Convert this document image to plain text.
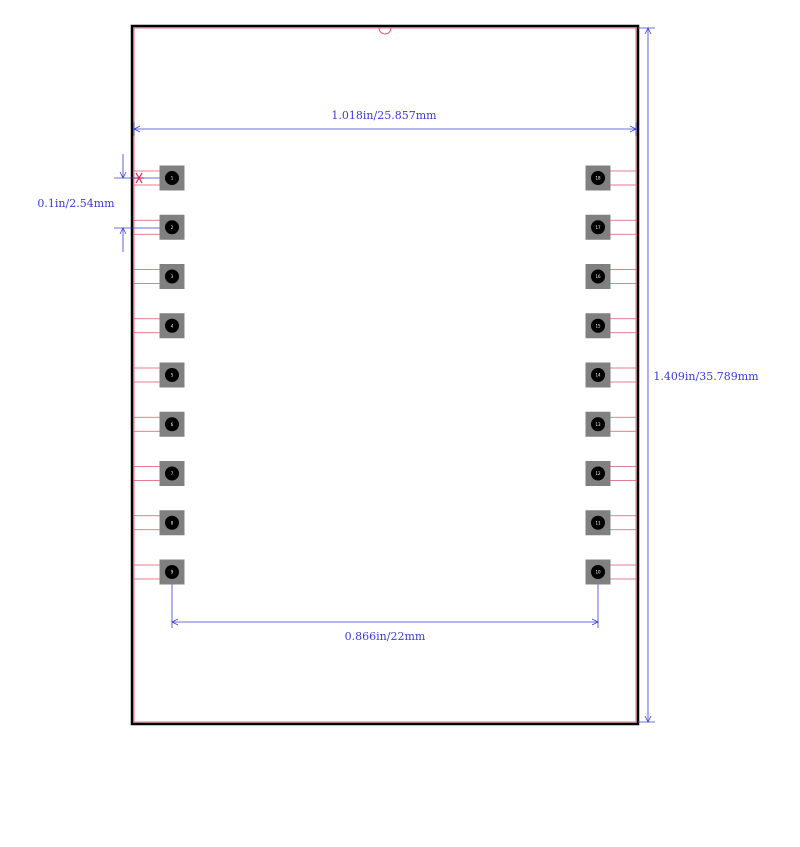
1.018in/25.857mm
1.409in/35.789mm
0.1in/2.54mm
0.866in/22mm
1
2
3
4
5
6
7
8
9
18
17
16
15
14
13
12
11
10
